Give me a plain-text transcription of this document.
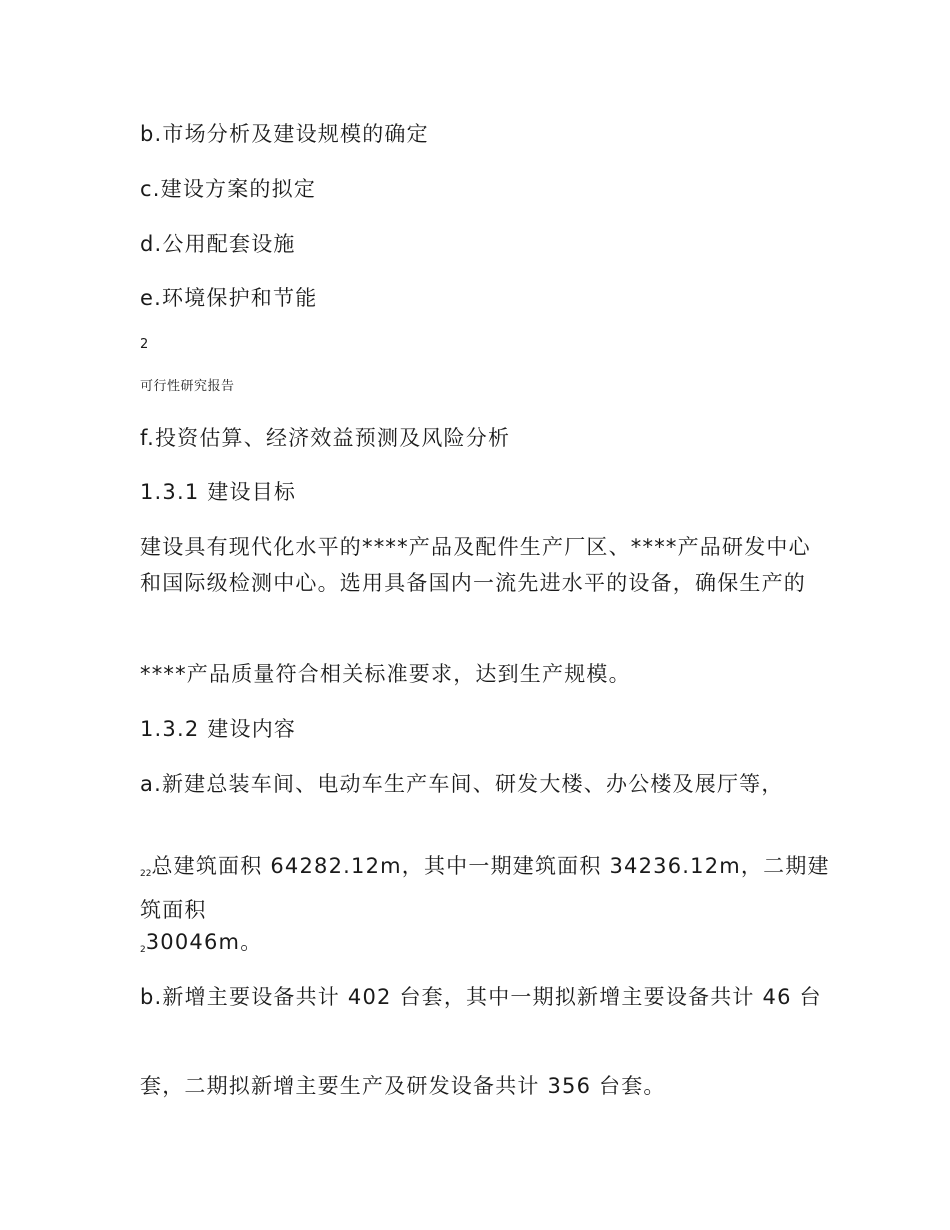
b.市场分析及建设规模的确定
c.建设方案的拟定
d.公用配套设施
e.环境保护和节能
2
可行性研究报告
f.投资估算、经济效益预测及风险分析
1.3.1 建设目标
建设具有现代化水平的****产品及配件生产厂区、****产品研发中心和国际级检测中心。选用具备国内一流先进水平的设备，确保生产的
****产品质量符合相关标准要求，达到生产规模。
1.3.2 建设内容
a.新建总装车间、电动车生产车间、研发大楼、办公楼及展厅等，
$_{22}$总建筑面积 64282.12m，其中一期建筑面积 34236.12m，二期建筑面积
$_2$30046m。
b.新增主要设备共计 402 台套，其中一期拟新增主要设备共计 46 台
套，二期拟新增主要生产及研发设备共计 356 台套。
